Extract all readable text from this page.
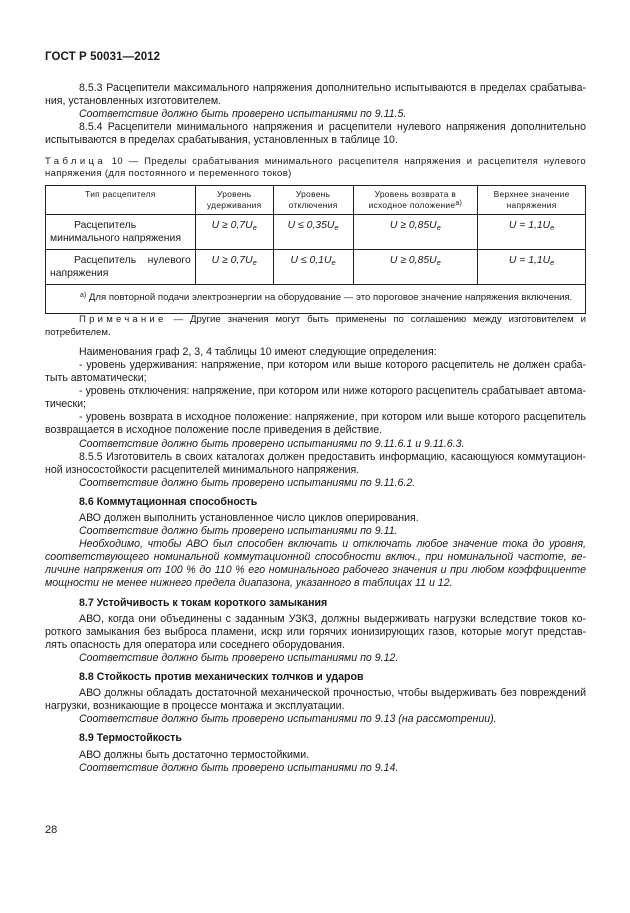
ГОСТ Р 50031—2012

8.5.3 Расцепители максимального напряжения дополнительно испытываются в пределах срабатывания, установленных изготовителем.

Соответствие должно быть проверено испытаниями по 9.11.5.

8.5.4 Расцепители минимального напряжения и расцепители нулевого напряжения дополнительно испытываются в пределах срабатывания, установленных в таблице 10.

Таблица 10 — Пределы срабатывания минимального расцепителя напряжения и расцепителя нулевого напряжения (для постоянного и переменного токов)
Тип расцепителя	Уровень удерживания	Уровень отключения	Уровень возврата в исходное положение$^{а)}$	Верхнее значение напряжения
Расцепитель минимального напряжения	$U \ge 0,7U_e$	$U \le 0,35U_e$	$U \ge 0,85U_e$	$U = 1,1U_e$
Расцепитель нулевого напряжения	$U \ge 0,7U_e$	$U \le 0,1U_e$	$U \ge 0,85U_e$	$U = 1,1U_e$
$^{а)}$ Для повторной подачи электроэнергии на оборудование — это пороговое значение напряжения включения.				

Примечание — Другие значения могут быть применены по соглашению между изготовителем и потребителем.

Наименования граф 2, 3, 4 таблицы 10 имеют следующие определения:

- уровень удерживания: напряжение, при котором или выше которого расцепитель не должен срабатыть автоматически;

- уровень отключения: напряжение, при котором или ниже которого расцепитель срабатывает автоматически;

- уровень возврата в исходное положение: напряжение, при котором или выше которого расцепитель возвращается в исходное положение после приведения в действие.

Соответствие должно быть проверено испытаниями по 9.11.6.1 и 9.11.6.3.

8.5.5 Изготовитель в своих каталогах должен предоставить информацию, касающуюся коммутационной износостойкости расцепителей минимального напряжения.

Соответствие должно быть проверено испытаниями по 9.11.6.2.

8.6 Коммутационная способность

АВО должен выполнить установленное число циклов оперирования.

Соответствие должно быть проверено испытаниями по 9.11.

Необходимо, чтобы АВО был способен включать и отключать любое значение тока до уровня, соответствующего номинальной коммутационной способности включ., при номинальной частоте, величине напряжения от 100 % до 110 % его номинального рабочего значения и при любом коэффициенте мощности не менее нижнего предела диапазона, указанного в таблицах 11 и 12.

8.7 Устойчивость к токам короткого замыкания

АВО, когда они объединены с заданным УЗКЗ, должны выдерживать нагрузки вследствие токов короткого замыкания без выброса пламени, искр или горячих ионизирующих газов, которые могут представлять опасность для оператора или соседнего оборудования.

Соответствие должно быть проверено испытаниями по 9.12.

8.8 Стойкость против механических толчков и ударов

АВО должны обладать достаточной механической прочностью, чтобы выдерживать без повреждений нагрузки, возникающие в процессе монтажа и эксплуатации.

Соответствие должно быть проверено испытаниями по 9.13 (на рассмотрении).

8.9 Термостойкость

АВО должны быть достаточно термостойкими.

Соответствие должно быть проверено испытаниями по 9.14.

28
